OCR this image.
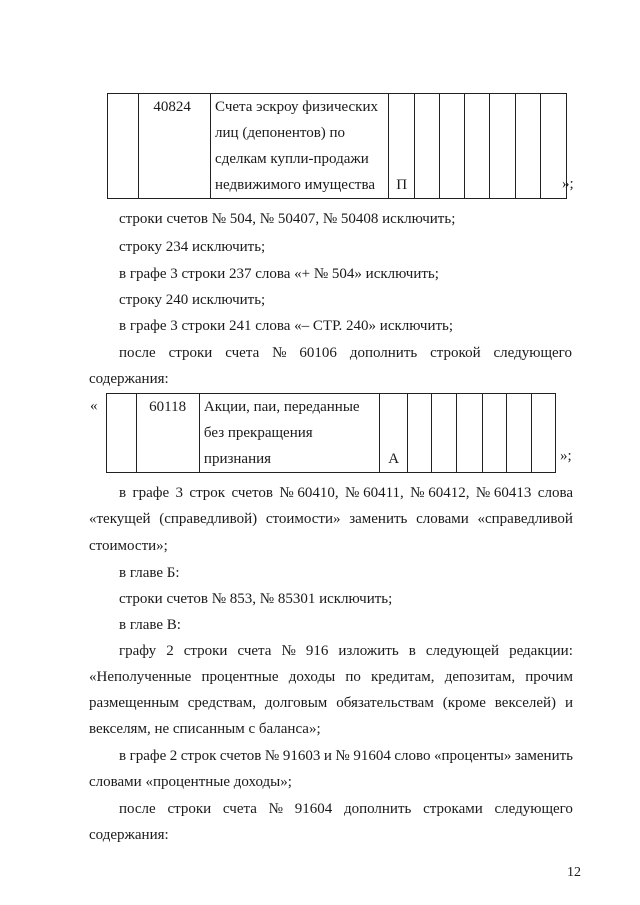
	40824	Счета эскроу физических
лиц (депонентов) по
сделкам купли-продажи
недвижимого имущества	П							»;
строки счетов № 504, № 50407, № 50408 исключить;
строку 234 исключить;
в графе 3 строки 237 слова «+ № 504» исключить;
строку 240 исключить;
в графе 3 строки 241 слова «– СТР. 240» исключить;
после строки счета № 60106 дополнить строкой следующего
содержания:
«
		60118	Акции, паи, переданные
без прекращения
признания	А							»;
в графе 3 строк счетов № 60410, № 60411, № 60412, № 60413 слова
«текущей (справедливой) стоимости» заменить словами «справедливой
стоимости»;
в главе Б:
строки счетов № 853, № 85301 исключить;
в главе В:
графу 2 строки счета № 916 изложить в следующей редакции:
«Неполученные процентные доходы по кредитам, депозитам, прочим
размещенным средствам, долговым обязательствам (кроме векселей) и
векселям, не списанным с баланса»;
в графе 2 строк счетов № 91603 и № 91604 слово «проценты» заменить
словами «процентные доходы»;
после строки счета № 91604 дополнить строками следующего
содержания:
12
